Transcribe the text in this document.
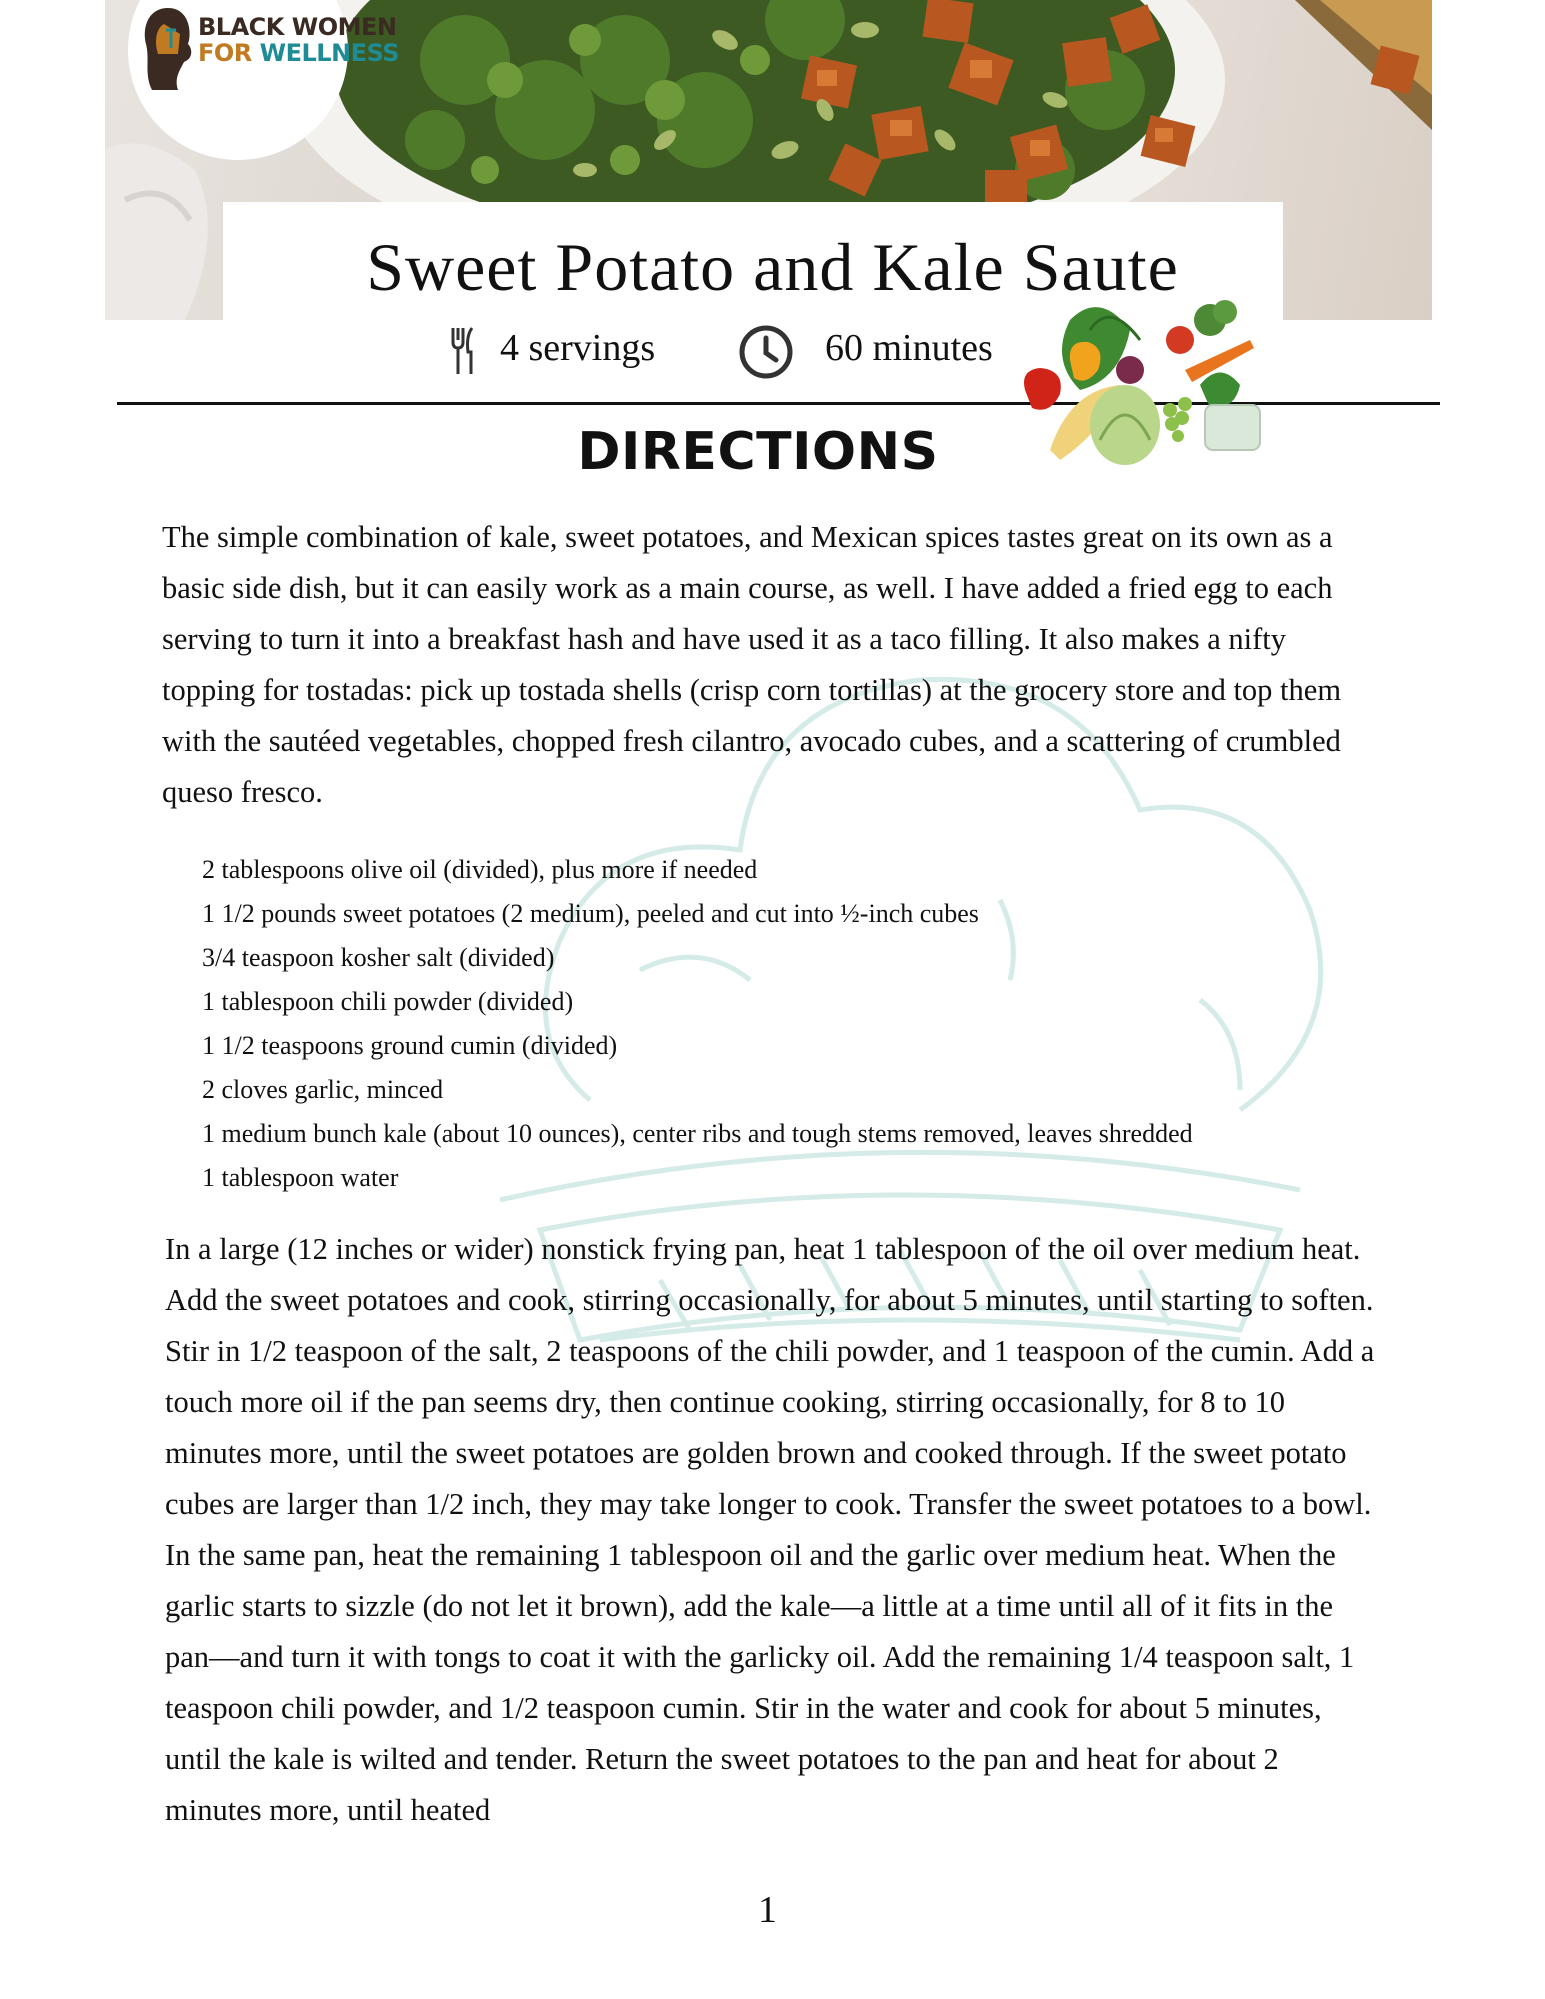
BLACK WOMEN
FOR WELLNESS
Sweet Potato and Kale Saute
4 servings	60 minutes
DIRECTIONS

The simple combination of kale, sweet potatoes, and Mexican spices tastes great on its own as a basic side dish, but it can easily work as a main course, as well. I have added a fried egg to each serving to turn it into a breakfast hash and have used it as a taco filling. It also makes a nifty topping for tostadas: pick up tostada shells (crisp corn tortillas) at the grocery store and top them with the sautéed vegetables, chopped fresh cilantro, avocado cubes, and a scattering of crumbled queso fresco.

2 tablespoons olive oil (divided), plus more if needed
1 1/2 pounds sweet potatoes (2 medium), peeled and cut into ½-inch cubes
3/4 teaspoon kosher salt (divided)
1 tablespoon chili powder (divided)
1 1/2 teaspoons ground cumin (divided)
2 cloves garlic, minced
1 medium bunch kale (about 10 ounces), center ribs and tough stems removed, leaves shredded
1 tablespoon water

In a large (12 inches or wider) nonstick frying pan, heat 1 tablespoon of the oil over medium heat. Add the sweet potatoes and cook, stirring occasionally, for about 5 minutes, until starting to soften. Stir in 1/2 teaspoon of the salt, 2 teaspoons of the chili powder, and 1 teaspoon of the cumin. Add a touch more oil if the pan seems dry, then continue cooking, stirring occasionally, for 8 to 10 minutes more, until the sweet potatoes are golden brown and cooked through. If the sweet potato cubes are larger than 1/2 inch, they may take longer to cook. Transfer the sweet potatoes to a bowl. In the same pan, heat the remaining 1 tablespoon oil and the garlic over medium heat. When the garlic starts to sizzle (do not let it brown), add the kale—a little at a time until all of it fits in the pan—and turn it with tongs to coat it with the garlicky oil. Add the remaining 1/4 teaspoon salt, 1 teaspoon chili powder, and 1/2 teaspoon cumin. Stir in the water and cook for about 5 minutes, until the kale is wilted and tender. Return the sweet potatoes to the pan and heat for about 2 minutes more, until heated

1
